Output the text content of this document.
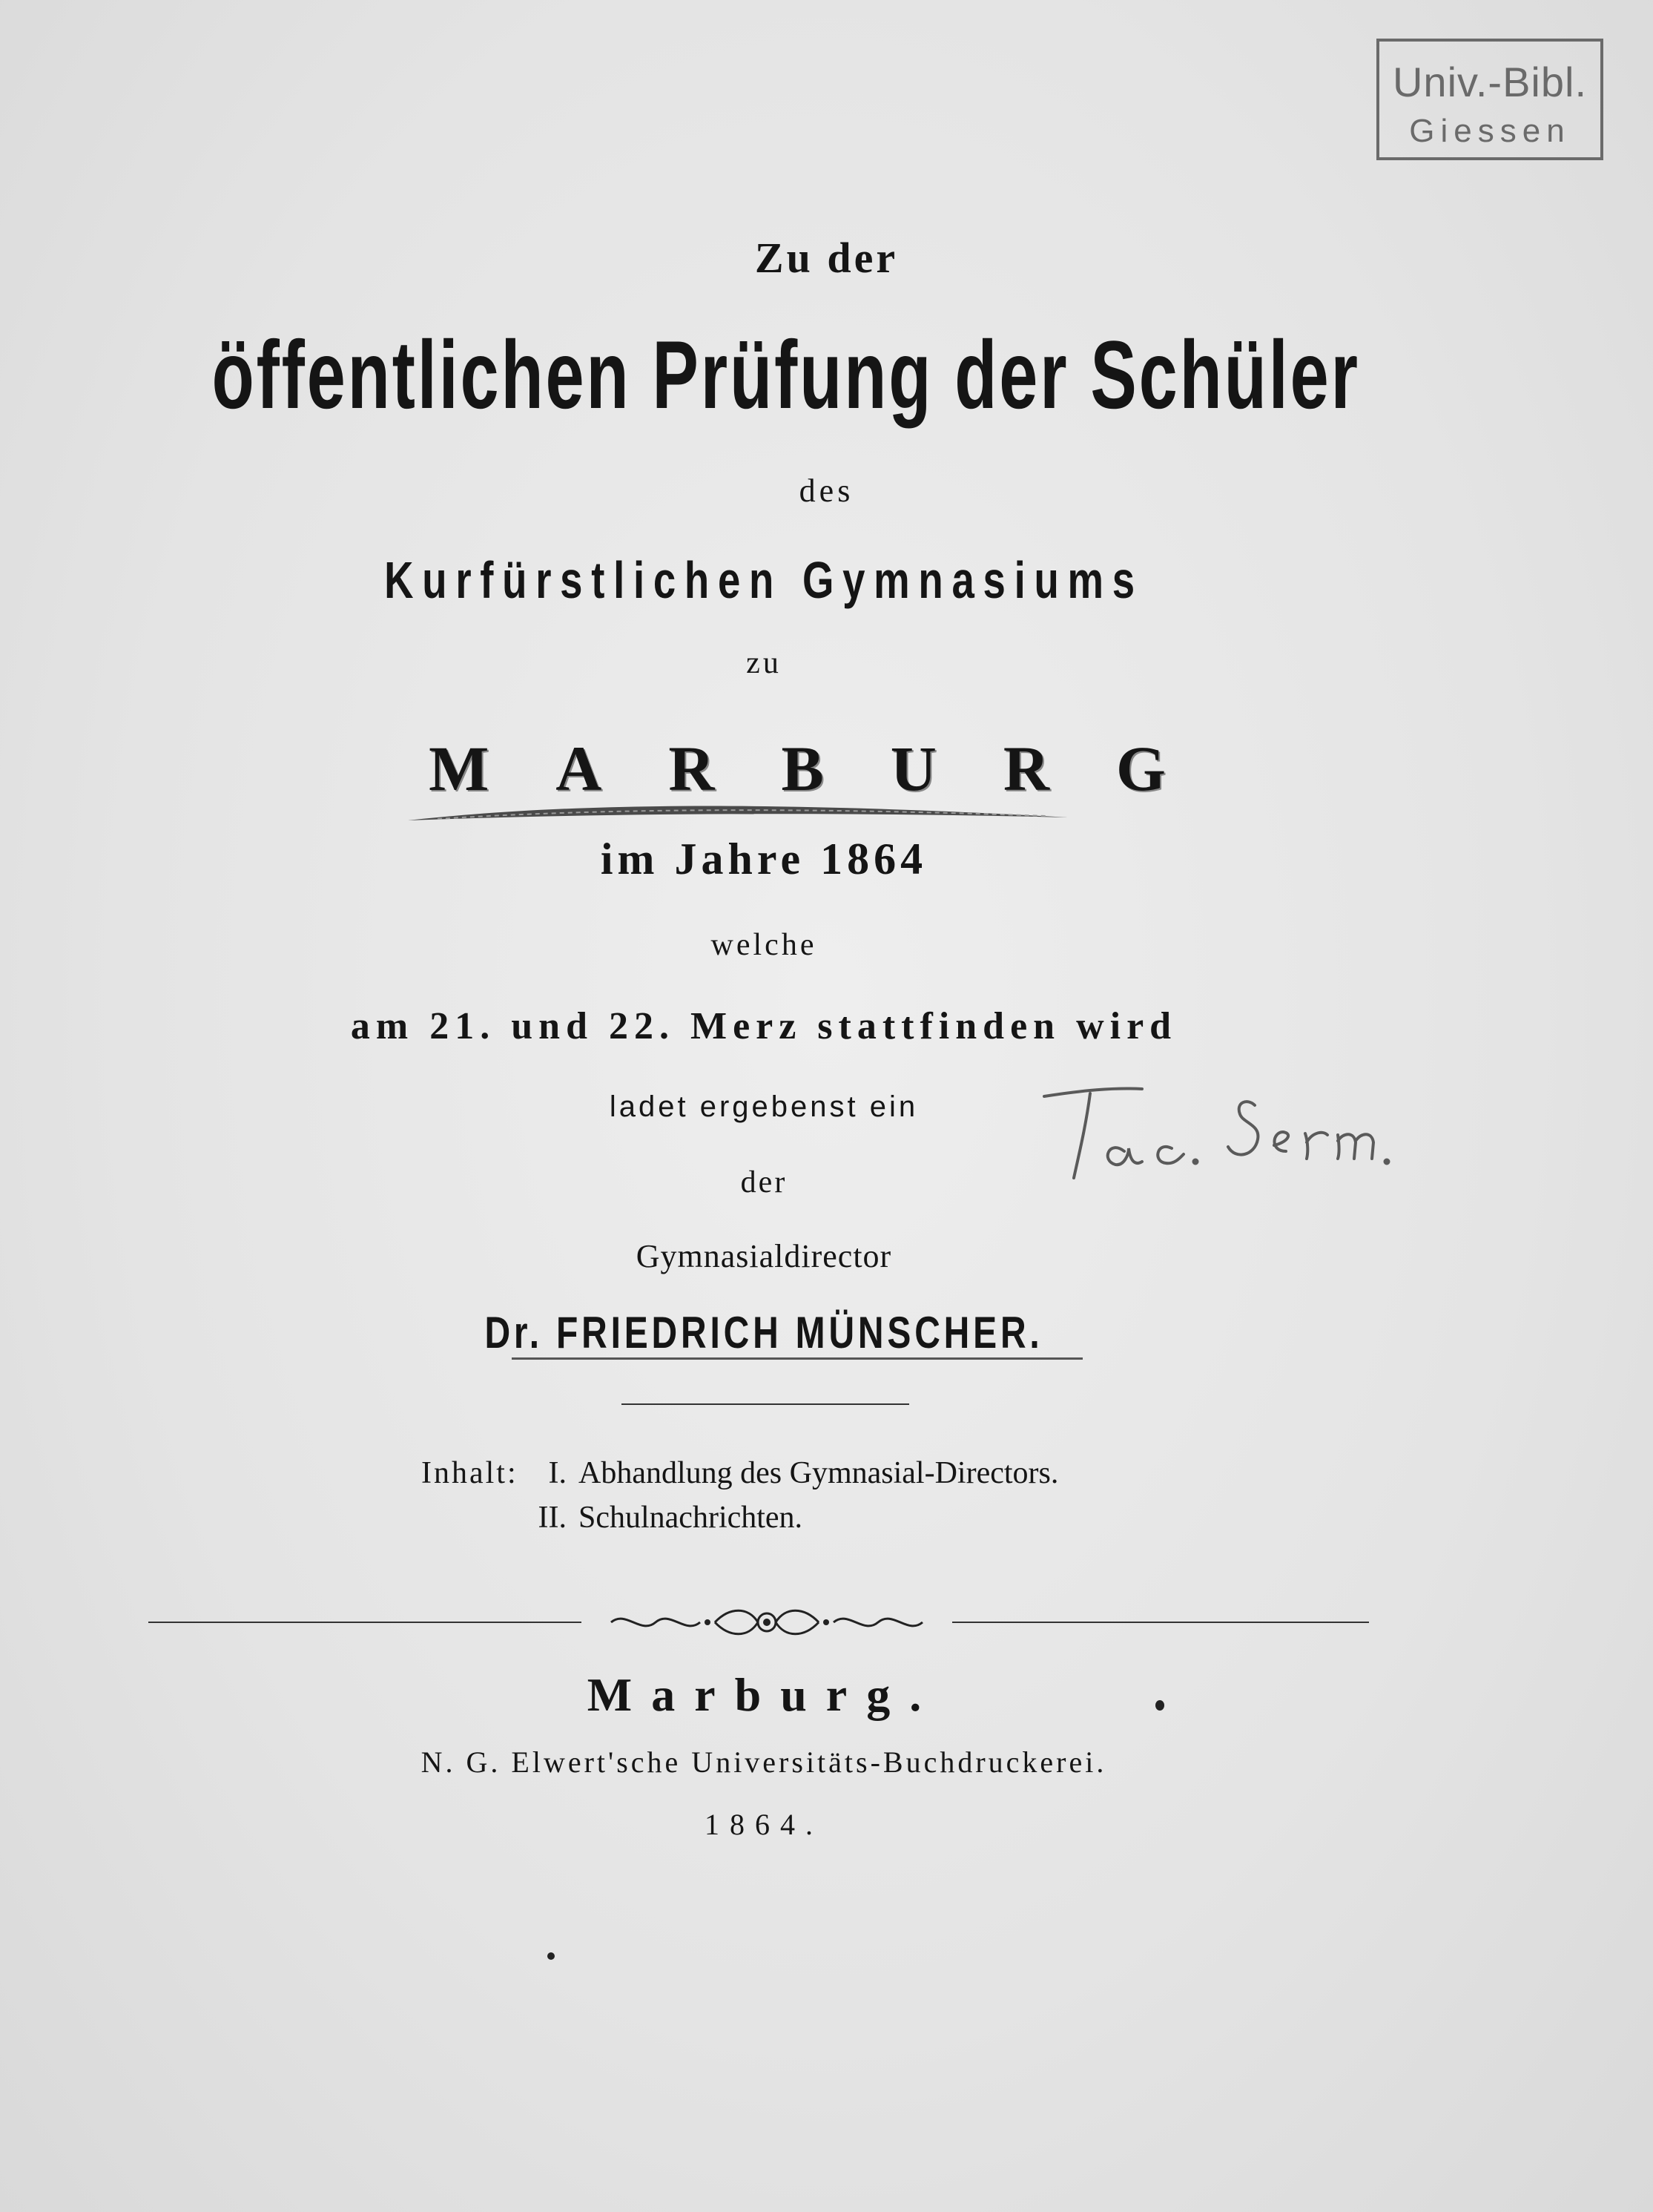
Univ.-Bibl.
Giessen
Zu der
öffentlichen Prüfung der Schüler
des
Kurfürstlichen Gymnasiums
zu
MARBURG
im Jahre 1864
welche
am 21. und 22. Merz stattfinden wird
ladet ergebenst ein
der
Gymnasialdirector
Dr. FRIEDRICH MÜNSCHER.
Inhalt: I. Abhandlung des Gymnasial-Directors.
II. Schulnachrichten.
Marburg.
N. G. Elwert'sche Universitäts-Buchdruckerei.
1864.
